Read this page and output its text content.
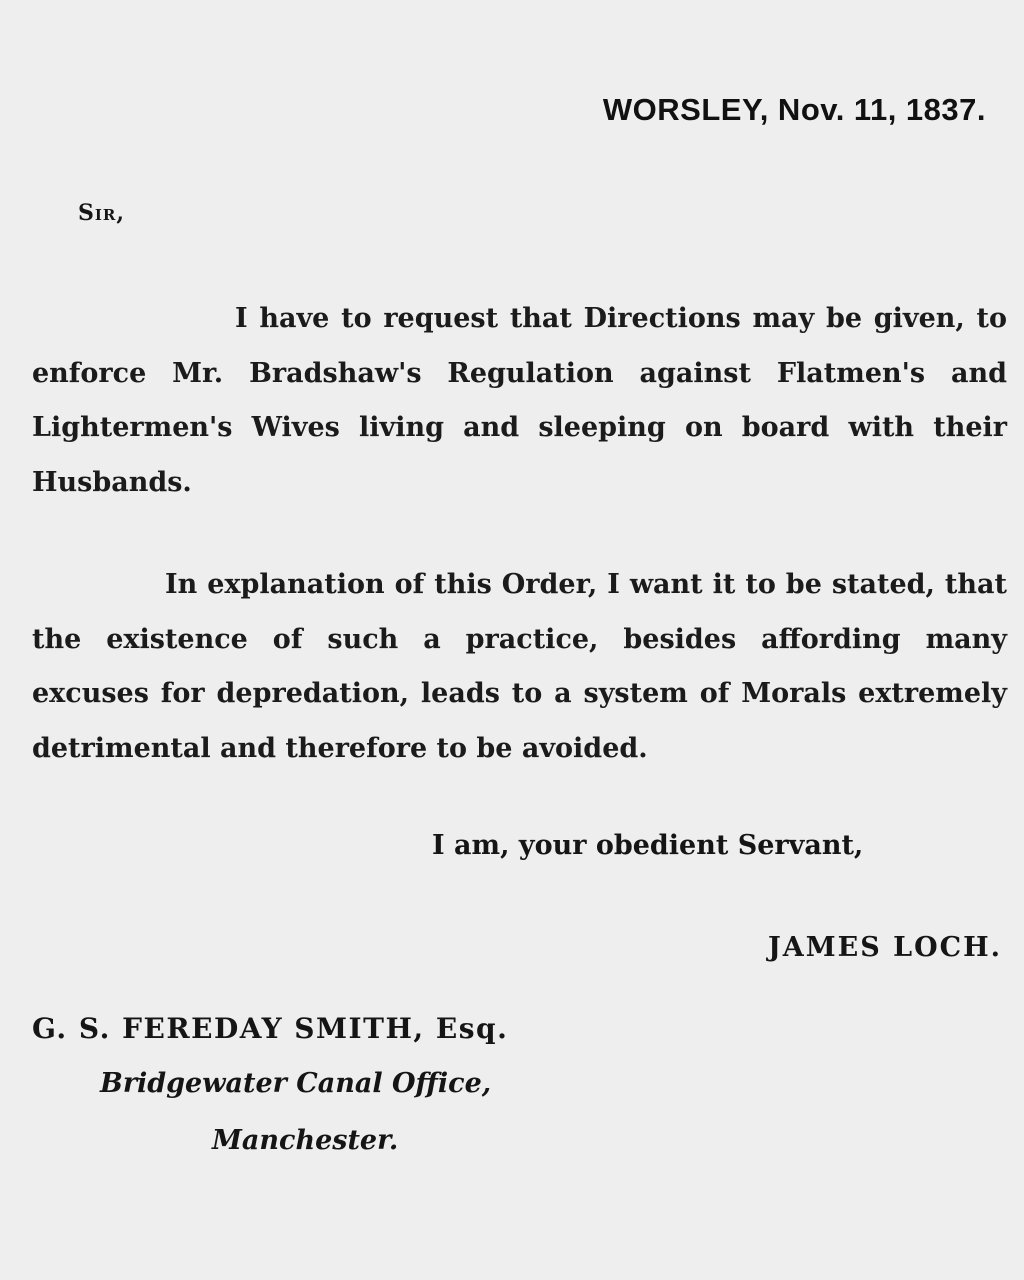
WORSLEY, Nov. 11, 1837.
Sir,
I have to request that Directions may be given, to enforce Mr. Bradshaw's Regulation against Flatmen's and Lightermen's Wives living and sleeping on board with their Husbands.
In explanation of this Order, I want it to be stated, that the existence of such a practice, besides affording many excuses for depredation, leads to a system of Morals extremely detrimental and therefore to be avoided.
I am, your obedient Servant,
JAMES LOCH.
G. S. FEREDAY SMITH, Esq.
Bridgewater Canal Office,
Manchester.
